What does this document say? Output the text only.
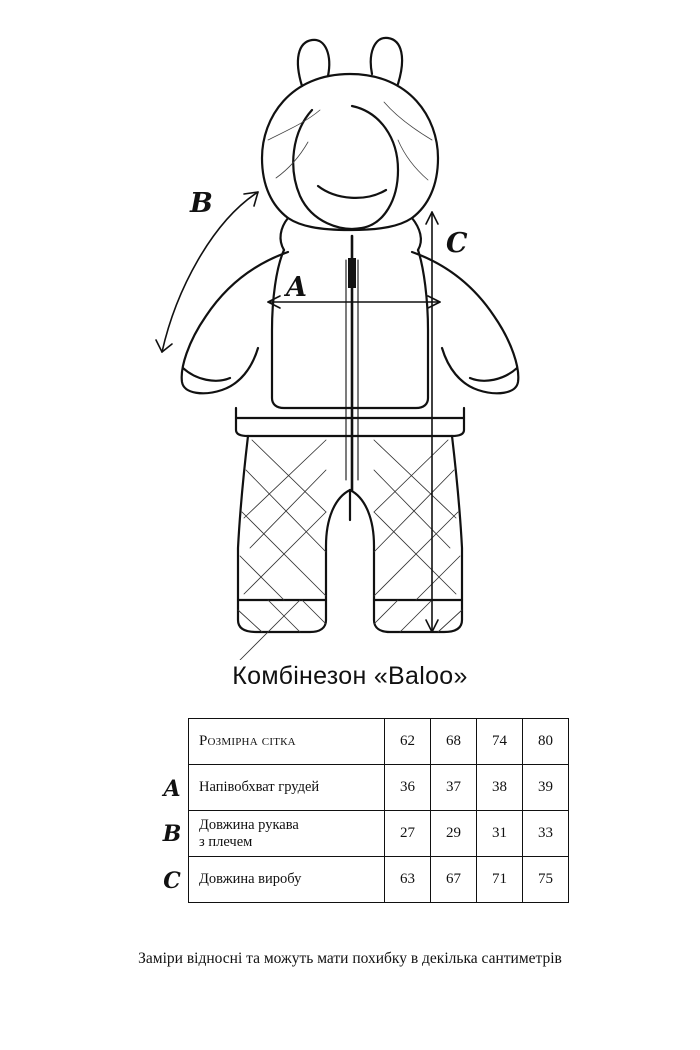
A
B
C
Комбінезон «Baloo»
A
B
C
Розмірна сітка	62	68	74	80
Напівобхват грудей	36	37	38	39
Довжина рукава
з плечем	27	29	31	33
Довжина виробу	63	67	71	75
Заміри відносні та можуть мати похибку в декілька сантиметрів
